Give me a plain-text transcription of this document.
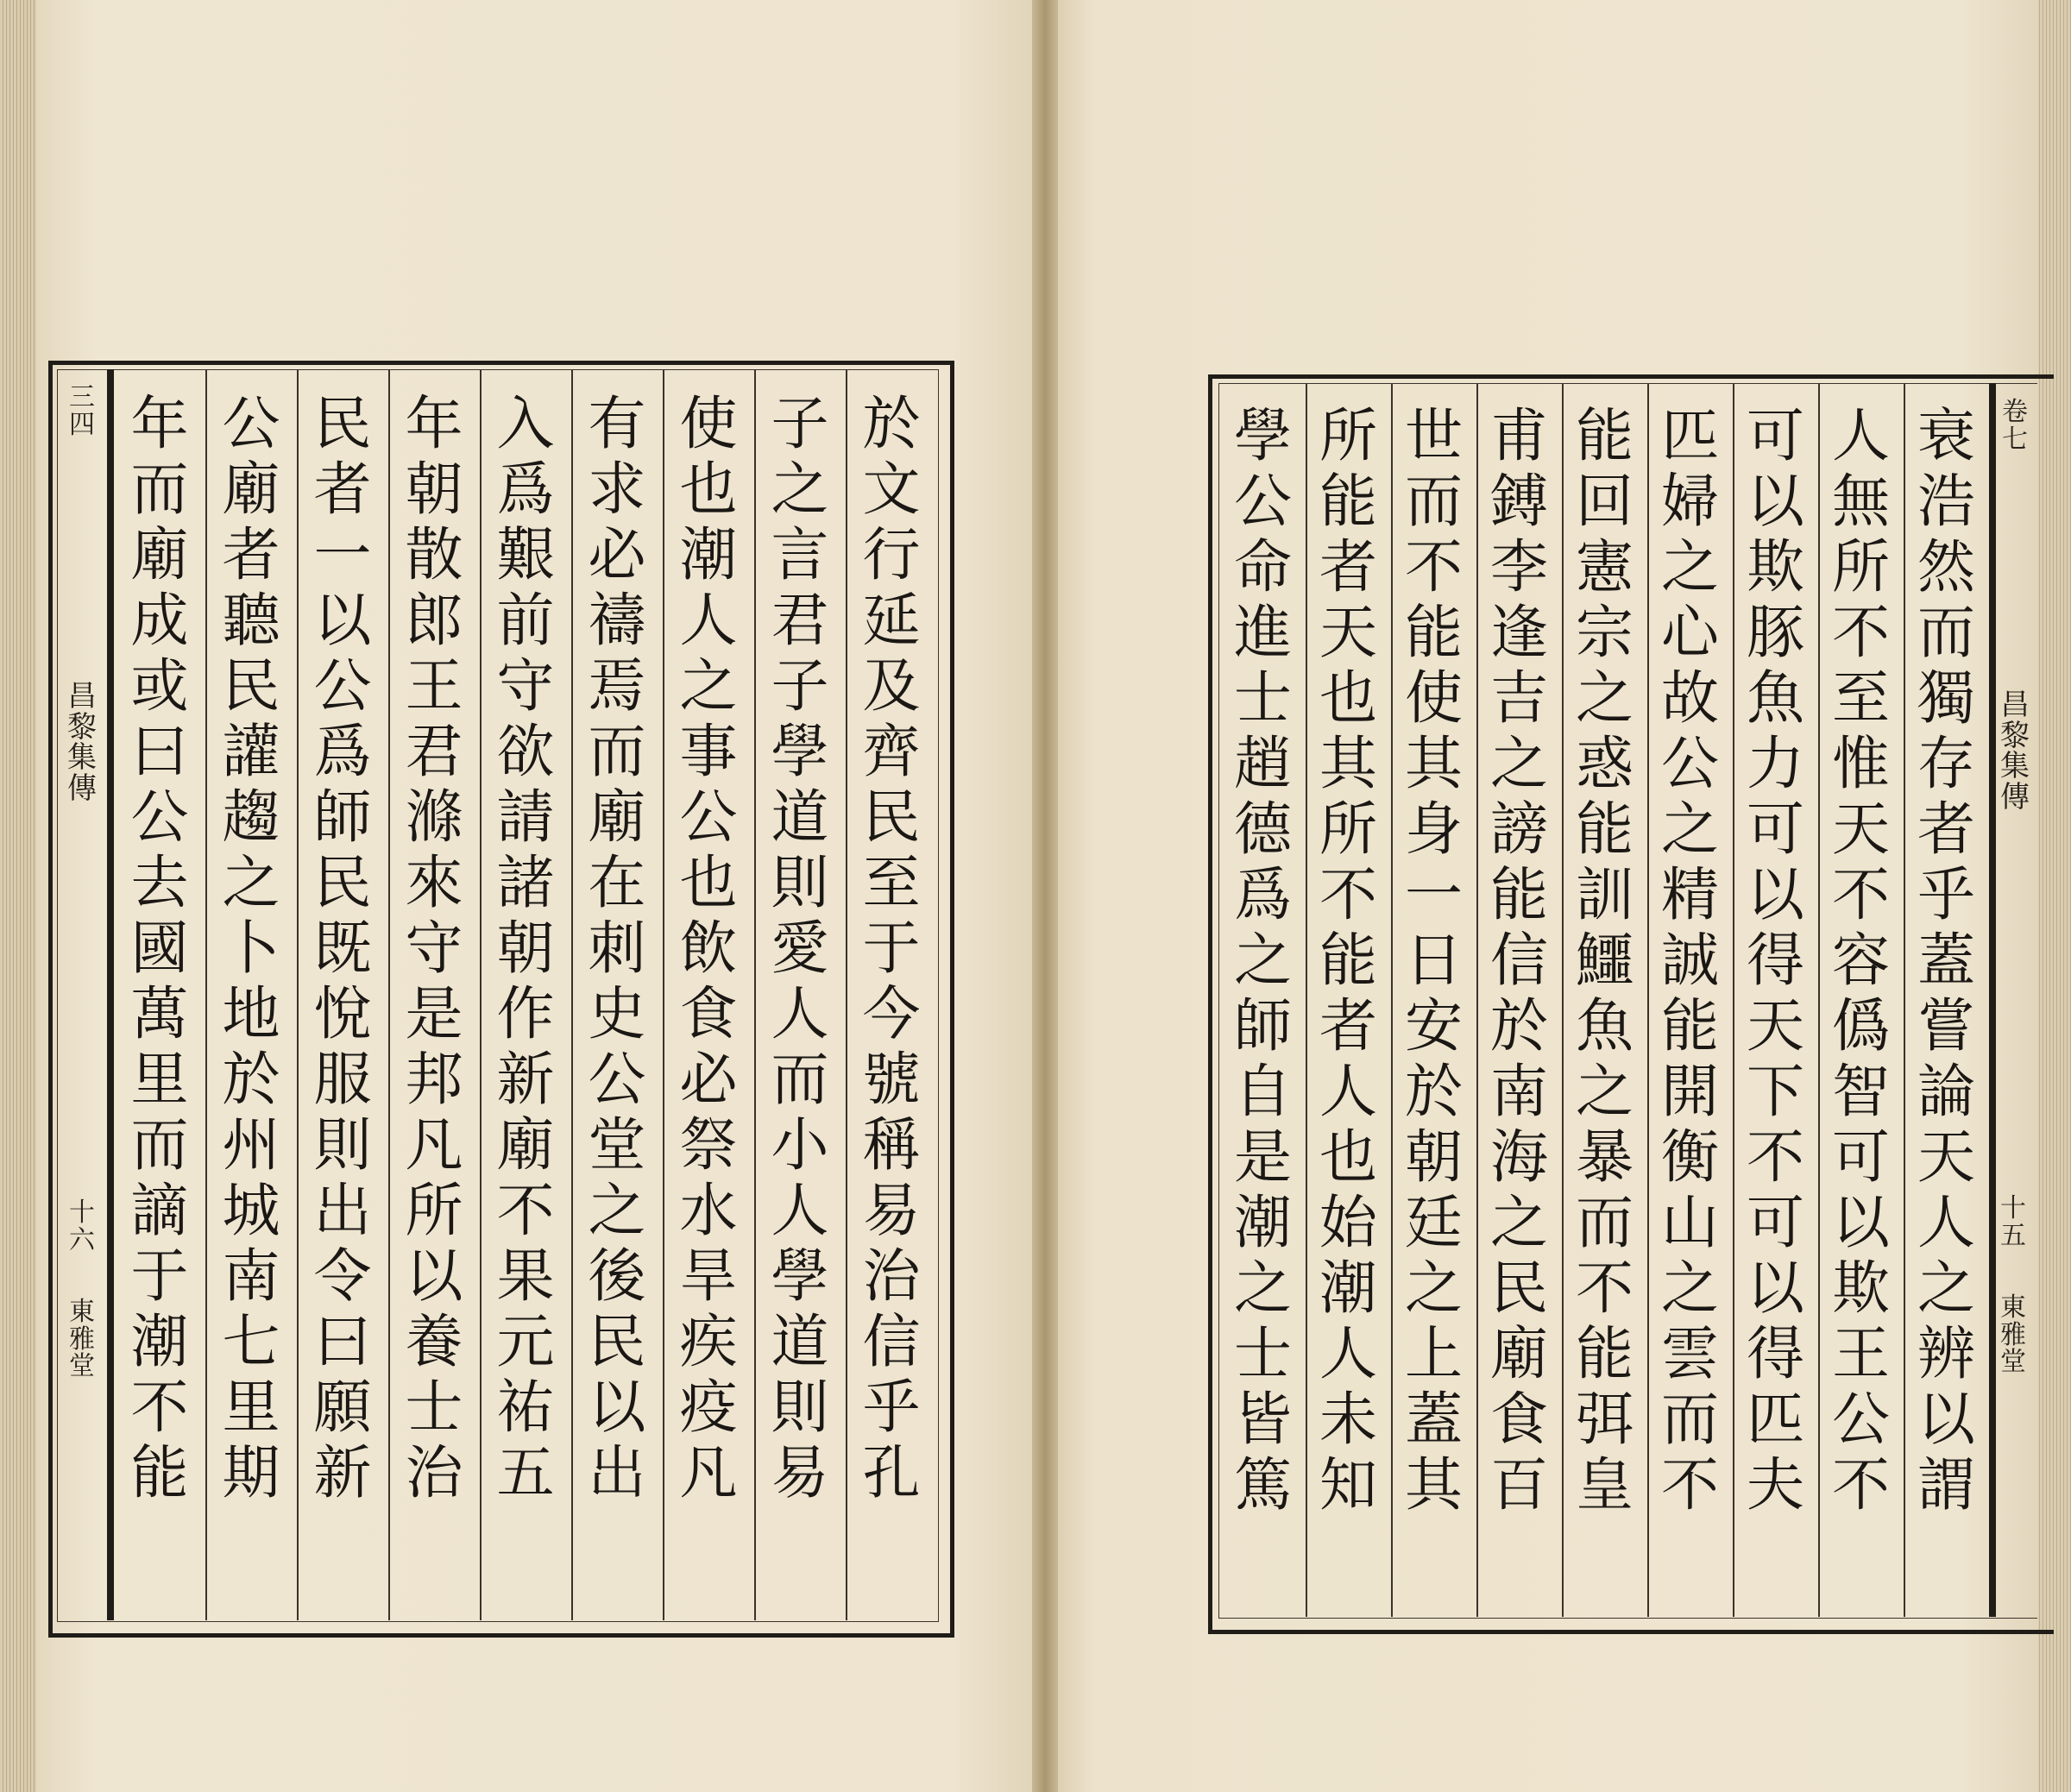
於
文
行
延
及
齊
民
至
于
今
號
稱
易
治
信
乎
孔
子
之
言
君
子
學
道
則
愛
人
而
小
人
學
道
則
易
使
也
潮
人
之
事
公
也
飲
食
必
祭
水
旱
疾
疫
凡
有
求
必
禱
焉
而
廟
在
刺
史
公
堂
之
後
民
以
出
入
爲
艱
前
守
欲
請
諸
朝
作
新
廟
不
果
元
祐
五
年
朝
散
郎
王
君
滌
來
守
是
邦
凡
所
以
養
士
治
民
者
一
以
公
爲
師
民
既
悅
服
則
出
令
曰
願
新
公
廟
者
聽
民
讙
趨
之
卜
地
於
州
城
南
七
里
期
年
而
廟
成
或
曰
公
去
國
萬
里
而
謫
于
潮
不
能
衰
浩
然
而
獨
存
者
乎
蓋
嘗
論
天
人
之
辨
以
謂
人
無
所
不
至
惟
天
不
容
僞
智
可
以
欺
王
公
不
可
以
欺
豚
魚
力
可
以
得
天
下
不
可
以
得
匹
夫
匹
婦
之
心
故
公
之
精
誠
能
開
衡
山
之
雲
而
不
能
回
憲
宗
之
惑
能
訓
鱷
魚
之
暴
而
不
能
弭
皇
甫
鎛
李
逢
吉
之
謗
能
信
於
南
海
之
民
廟
食
百
世
而
不
能
使
其
身
一
日
安
於
朝
廷
之
上
蓋
其
所
能
者
天
也
其
所
不
能
者
人
也
始
潮
人
未
知
學
公
命
進
士
趙
德
爲
之
師
自
是
潮
之
士
皆
篤
三
四
昌
黎
集
傳
十
六
東
雅
堂
卷
七
昌
黎
集
傳
十
五
東
雅
堂
